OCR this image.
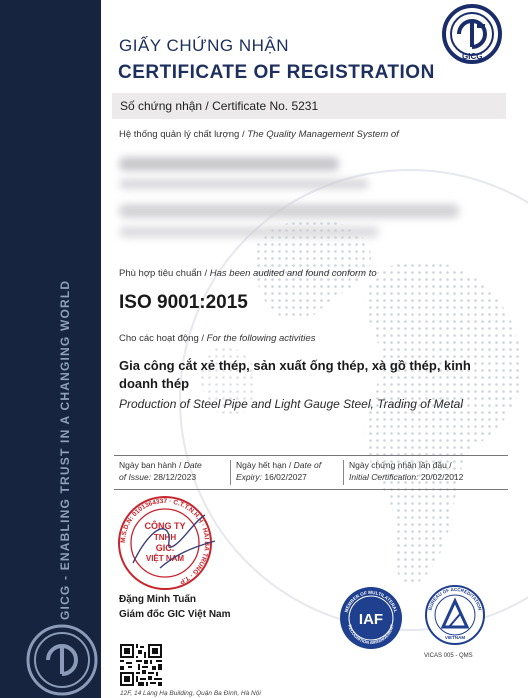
GICG - ENABLING TRUST IN A CHANGING WORLD
GICG
GIẤY CHỨNG NHẬN
CERTIFICATE OF REGISTRATION
Số chứng nhận / Certificate No. 5231
Hệ thống quản lý chất lượng / The Quality Management System of
Phù hợp tiêu chuẩn / Has been audited and found conform to
ISO 9001:2015
Cho các hoạt động / For the following activities
Gia công cắt xẻ thép, sản xuất ống thép, xà gồ thép, kinh doanh thép
Production of Steel Pipe and Light Gauge Steel, Trading of Metal
Ngày ban hành / Date
of Issue: 28/12/2023
Ngày hết hạn / Date of
Expiry: 16/02/2027
Ngày chứng nhận lần đầu /
Initial Certification: 20/02/2012
M.S.D.N: 0101364337 · C.T.T.N.H.H · HAI BÀ TRUNG · T.P
CÔNG TY
TNHH
GIC.
VIỆT NAM
Đặng Minh Tuấn
Giám đốc GIC Việt Nam	MEMBER OF MULTILATERAL
RECOGNITION ARRANGEMENT
IAF
BUREAU OF ACCREDITATION
VIETNAM
VICAS 005 - QMS
12F, 14 Láng Hạ Building, Quận Ba Đình, Hà Nội
